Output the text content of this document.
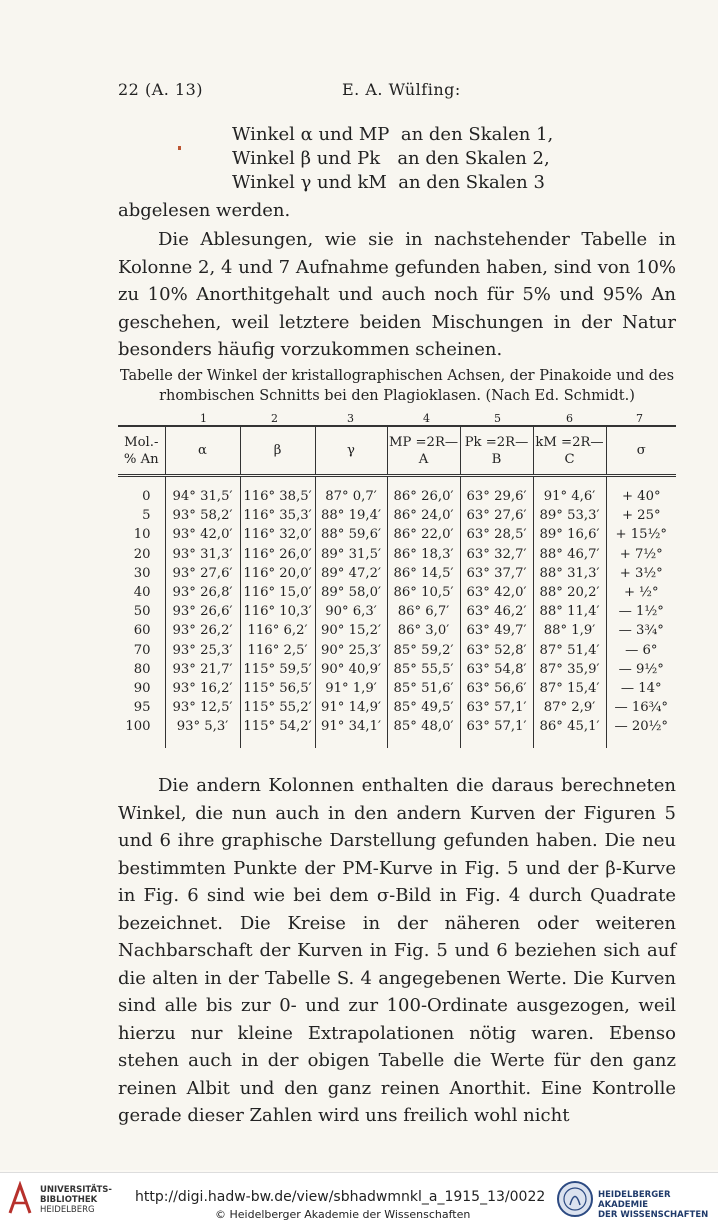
22 (A. 13)	E. A. Wülfing:
Winkel α und MP  an den Skalen 1,
Winkel β und Pk   an den Skalen 2,
Winkel γ und kM  an den Skalen 3
abgelesen werden.
Die Ablesungen, wie sie in nachstehender Tabelle in Kolonne 2, 4 und 7 Aufnahme gefunden haben, sind von 10% zu 10% Anorthitgehalt und auch noch für 5% und 95% An geschehen, weil letztere beiden Mischungen in der Natur besonders häufig vorzukommen scheinen.
Tabelle der Winkel der kristallographischen Achsen, der Pinakoide und des rhombischen Schnitts bei den Plagioklasen. (Nach Ed. Schmidt.)
1	2	3	4	5	6	7
Mol.-% An	α	β	γ	MP =2R—A	Pk =2R—B	kM =2R—C	σ
0	94° 31,5′	116° 38,5′	87° 0,7′	86° 26,0′	63° 29,6′	91° 4,6′	+ 40°
5	93° 58,2′	116° 35,3′	88° 19,4′	86° 24,0′	63° 27,6′	89° 53,3′	+ 25°
10	93° 42,0′	116° 32,0′	88° 59,6′	86° 22,0′	63° 28,5′	89° 16,6′	+ 15½°
20	93° 31,3′	116° 26,0′	89° 31,5′	86° 18,3′	63° 32,7′	88° 46,7′	+ 7½°
30	93° 27,6′	116° 20,0′	89° 47,2′	86° 14,5′	63° 37,7′	88° 31,3′	+ 3½°
40	93° 26,8′	116° 15,0′	89° 58,0′	86° 10,5′	63° 42,0′	88° 20,2′	+ ½°
50	93° 26,6′	116° 10,3′	90° 6,3′	86° 6,7′	63° 46,2′	88° 11,4′	— 1½°
60	93° 26,2′	116° 6,2′	90° 15,2′	86° 3,0′	63° 49,7′	88° 1,9′	— 3¾°
70	93° 25,3′	116° 2,5′	90° 25,3′	85° 59,2′	63° 52,8′	87° 51,4′	— 6°
80	93° 21,7′	115° 59,5′	90° 40,9′	85° 55,5′	63° 54,8′	87° 35,9′	— 9½°
90	93° 16,2′	115° 56,5′	91° 1,9′	85° 51,6′	63° 56,6′	87° 15,4′	— 14°
95	93° 12,5′	115° 55,2′	91° 14,9′	85° 49,5′	63° 57,1′	87° 2,9′	— 16¾°
100	93° 5,3′	115° 54,2′	91° 34,1′	85° 48,0′	63° 57,1′	86° 45,1′	— 20½°
Die andern Kolonnen enthalten die daraus berechneten Winkel, die nun auch in den andern Kurven der Figuren 5 und 6 ihre graphische Darstellung gefunden haben. Die neu bestimmten Punkte der PM-Kurve in Fig. 5 und der β-Kurve in Fig. 6 sind wie bei dem σ-Bild in Fig. 4 durch Quadrate bezeichnet. Die Kreise in der näheren oder weiteren Nachbarschaft der Kurven in Fig. 5 und 6 beziehen sich auf die alten in der Tabelle S. 4 angegebenen Werte. Die Kurven sind alle bis zur 0- und zur 100-Ordinate ausgezogen, weil hierzu nur kleine Extrapolationen nötig waren. Ebenso stehen auch in der obigen Tabelle die Werte für den ganz reinen Albit und den ganz reinen Anorthit. Eine Kontrolle gerade dieser Zahlen wird uns freilich wohl nicht
UNIVERSITÄTS-
BIBLIOTHEK
HEIDELBERG
http://digi.hadw-bw.de/view/sbhadwmnkl_a_1915_13/0022
© Heidelberger Akademie der Wissenschaften
HEIDELBERGER AKADEMIE
DER WISSENSCHAFTEN
